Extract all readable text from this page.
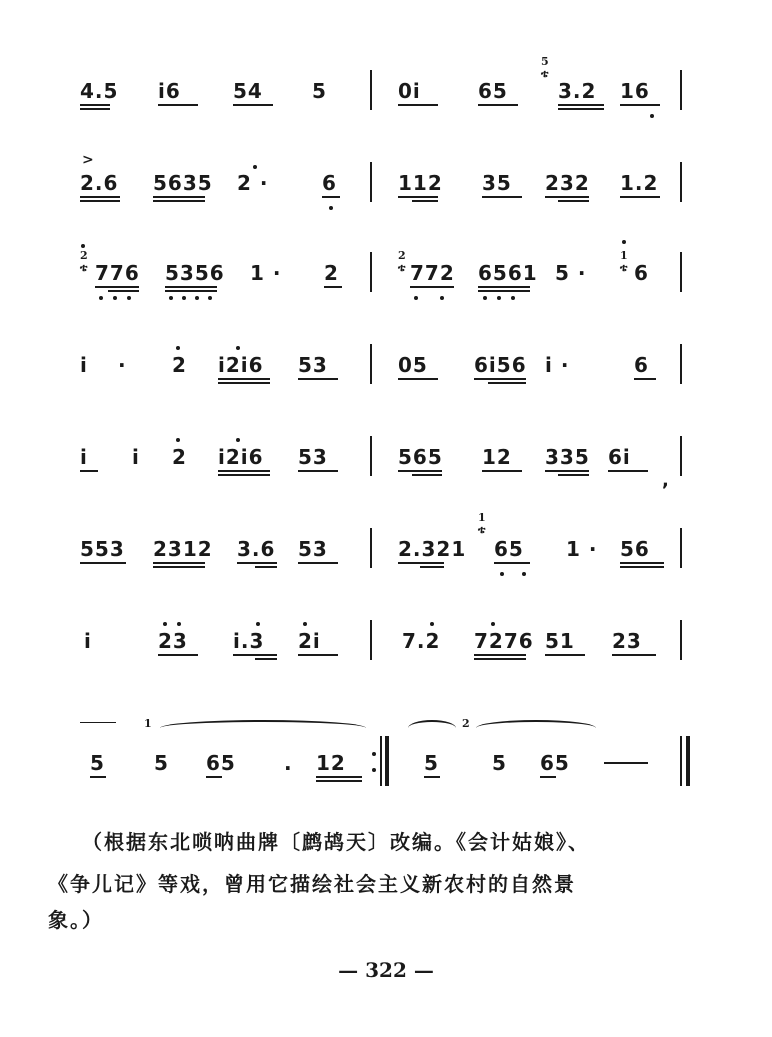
4.5 i6	54 5	0i	65
5
ቴ
3.2 16
>
2.6 5635 2 ·	6	112 35 232 1.2
2
ቴ 776 5356 1 · 2
2
ቴ 772 6561 5 ·
1
ቴ 6
i · 2 i2i6 53	05 6i56 i ·	6
i i 2 i2i6 53	565 12 335 6i
,
553 2312 3.6 53	2.321
1
ቴ
65 1 · 56
i	23 i.3 2i	7.2 7276 51 23
1
5 5 65 . 12
2
5	5 65
（根据东北唢呐曲牌〔鹧鸪天〕改编。《会计姑娘》、
《争儿记》等戏，曾用它描绘社会主义新农村的自然景
象。）
— 322 —
